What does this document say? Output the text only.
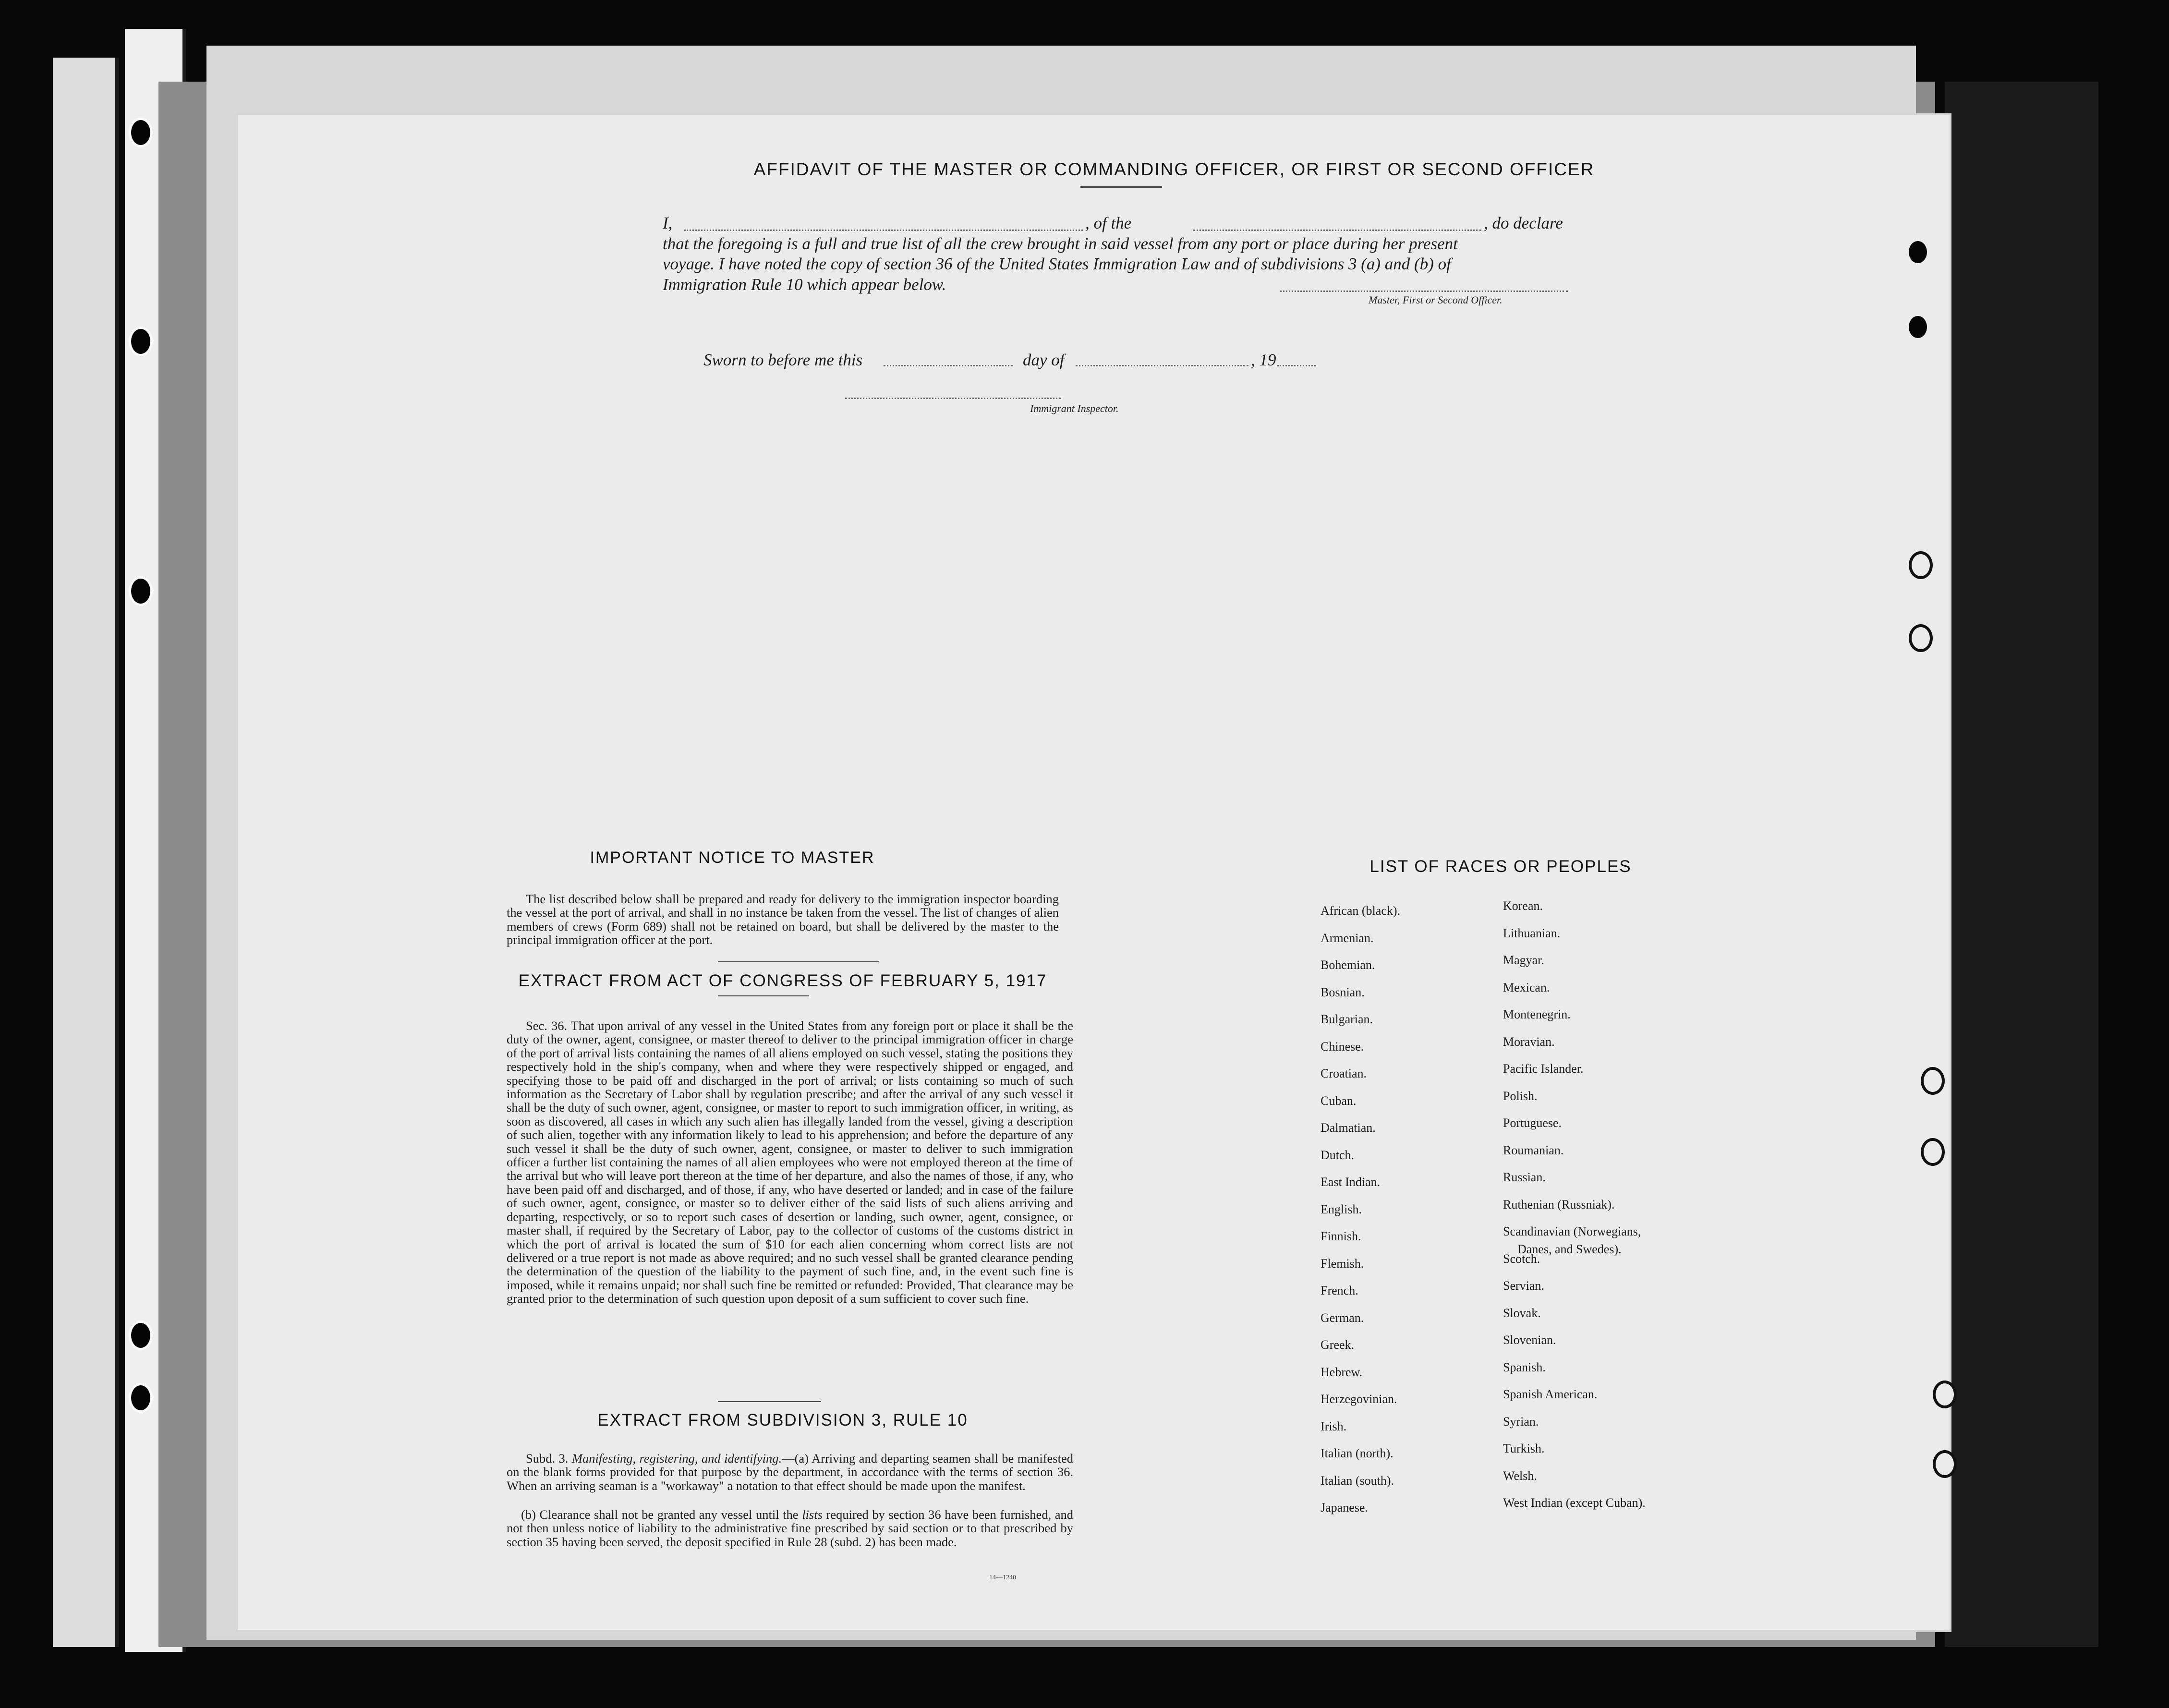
AFFIDAVIT OF THE MASTER OR COMMANDING OFFICER, OR FIRST OR SECOND OFFICER
I,	, of the	, do declare
that the foregoing is a full and true list of all the crew brought in said vessel from any port or place during her present
voyage. I have noted the copy of section 36 of the United States Immigration Law and of subdivisions 3 (a) and (b) of
Immigration Rule 10 which appear below.
Master, First or Second Officer.
Sworn to before me this	day of	, 19
Immigrant Inspector.
IMPORTANT NOTICE TO MASTER

The list described below shall be prepared and ready for delivery to the immigration inspector boarding the vessel at the port of arrival, and shall in no instance be taken from the vessel. The list of changes of alien members of crews (Form 689) shall not be retained on board, but shall be delivered by the master to the principal immigration officer at the port.

EXTRACT FROM ACT OF CONGRESS OF FEBRUARY 5, 1917

Sec. 36. That upon arrival of any vessel in the United States from any foreign port or place it shall be the duty of the owner, agent, consignee, or master thereof to deliver to the principal immigration officer in charge of the port of arrival lists containing the names of all aliens employed on such vessel, stating the positions they respectively hold in the ship's company, when and where they were respectively shipped or engaged, and specifying those to be paid off and discharged in the port of arrival; or lists containing so much of such information as the Secretary of Labor shall by regulation prescribe; and after the arrival of any such vessel it shall be the duty of such owner, agent, consignee, or master to report to such immigration officer, in writing, as soon as discovered, all cases in which any such alien has illegally landed from the vessel, giving a description of such alien, together with any information likely to lead to his apprehension; and before the departure of any such vessel it shall be the duty of such owner, agent, consignee, or master to deliver to such immigration officer a further list containing the names of all alien employees who were not employed thereon at the time of the arrival but who will leave port thereon at the time of her departure, and also the names of those, if any, who have been paid off and discharged, and of those, if any, who have deserted or landed; and in case of the failure of such owner, agent, consignee, or master so to deliver either of the said lists of such aliens arriving and departing, respectively, or so to report such cases of desertion or landing, such owner, agent, consignee, or master shall, if required by the Secretary of Labor, pay to the collector of customs of the customs district in which the port of arrival is located the sum of $10 for each alien concerning whom correct lists are not delivered or a true report is not made as above required; and no such vessel shall be granted clearance pending the determination of the question of the liability to the payment of such fine, and, in the event such fine is imposed, while it remains unpaid; nor shall such fine be remitted or refunded: Provided, That clearance may be granted prior to the determination of such question upon deposit of a sum sufficient to cover such fine.

EXTRACT FROM SUBDIVISION 3, RULE 10

Subd. 3. Manifesting, registering, and identifying.—(a) Arriving and departing seamen shall be manifested on the blank forms provided for that purpose by the department, in accordance with the terms of section 36. When an arriving seaman is a "workaway" a notation to that effect should be made upon the manifest.

(b) Clearance shall not be granted any vessel until the lists required by section 36 have been furnished, and not then unless notice of liability to the administrative fine prescribed by said section or to that prescribed by section 35 having been served, the deposit specified in Rule 28 (subd. 2) has been made.

14—1240
LIST OF RACES OR PEOPLES
African (black).
Armenian.
Bohemian.
Bosnian.
Bulgarian.
Chinese.
Croatian.
Cuban.
Dalmatian.
Dutch.
East Indian.
English.
Finnish.
Flemish.
French.
German.
Greek.
Hebrew.
Herzegovinian.
Irish.
Italian (north).
Italian (south).
Japanese.
Korean.
Lithuanian.
Magyar.
Mexican.
Montenegrin.
Moravian.
Pacific Islander.
Polish.
Portuguese.
Roumanian.
Russian.
Ruthenian (Russniak).
Scandinavian (Norwegians,
Danes, and Swedes).
Scotch.
Servian.
Slovak.
Slovenian.
Spanish.
Spanish American.
Syrian.
Turkish.
Welsh.
West Indian (except Cuban).
